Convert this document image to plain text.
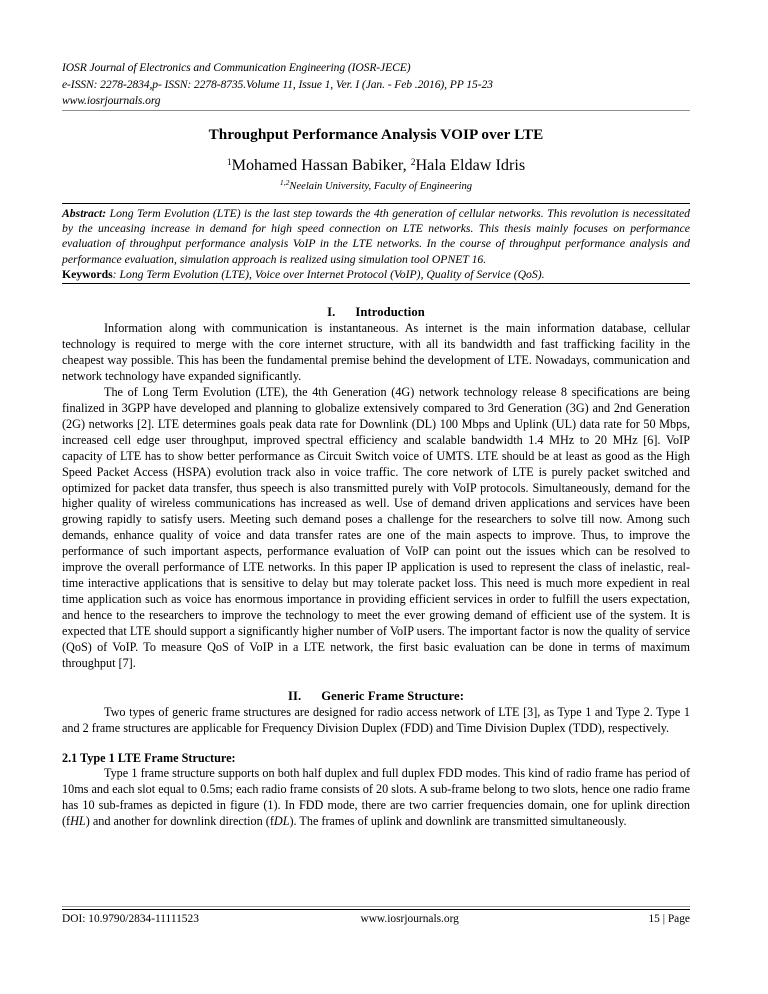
IOSR Journal of Electronics and Communication Engineering (IOSR-JECE)
e-ISSN: 2278-2834,p- ISSN: 2278-8735.Volume 11, Issue 1, Ver. I (Jan. - Feb .2016), PP 15-23
www.iosrjournals.org
Throughput Performance Analysis VOIP over LTE
$^1$Mohamed Hassan Babiker, $^2$Hala Eldaw Idris
$^{1,2}$Neelain University, Faculty of Engineering

Abstract: Long Term Evolution (LTE) is the last step towards the 4th generation of cellular networks. This revolution is necessitated by the unceasing increase in demand for high speed connection on LTE networks. This thesis mainly focuses on performance evaluation of throughput performance analysis VoIP in the LTE networks. In the course of throughput performance analysis and performance evaluation, simulation approach is realized using simulation tool OPNET 16.

Keywords: Long Term Evolution (LTE), Voice over Internet Protocol (VoIP), Quality of Service (QoS).

I. Introduction

Information along with communication is instantaneous. As internet is the main information database, cellular technology is required to merge with the core internet structure, with all its bandwidth and fast trafficking facility in the cheapest way possible. This has been the fundamental premise behind the development of LTE. Nowadays, communication and network technology have expanded significantly.

The of Long Term Evolution (LTE), the 4th Generation (4G) network technology release 8 specifications are being finalized in 3GPP have developed and planning to globalize extensively compared to 3rd Generation (3G) and 2nd Generation (2G) networks [2]. LTE determines goals peak data rate for Downlink (DL) 100 Mbps and Uplink (UL) data rate for 50 Mbps, increased cell edge user throughput, improved spectral efficiency and scalable bandwidth 1.4 MHz to 20 MHz [6]. VoIP capacity of LTE has to show better performance as Circuit Switch voice of UMTS. LTE should be at least as good as the High Speed Packet Access (HSPA) evolution track also in voice traffic. The core network of LTE is purely packet switched and optimized for packet data transfer, thus speech is also transmitted purely with VoIP protocols. Simultaneously, demand for the higher quality of wireless communications has increased as well. Use of demand driven applications and services have been growing rapidly to satisfy users. Meeting such demand poses a challenge for the researchers to solve till now. Among such demands, enhance quality of voice and data transfer rates are one of the main aspects to improve. Thus, to improve the performance of such important aspects, performance evaluation of VoIP can point out the issues which can be resolved to improve the overall performance of LTE networks. In this paper IP application is used to represent the class of inelastic, real-time interactive applications that is sensitive to delay but may tolerate packet loss. This need is much more expedient in real time application such as voice has enormous importance in providing efficient services in order to fulfill the users expectation, and hence to the researchers to improve the technology to meet the ever growing demand of efficient use of the system. It is expected that LTE should support a significantly higher number of VoIP users. The important factor is now the quality of service (QoS) of VoIP. To measure QoS of VoIP in a LTE network, the first basic evaluation can be done in terms of maximum throughput [7].

II. Generic Frame Structure:

Two types of generic frame structures are designed for radio access network of LTE [3], as Type 1 and Type 2. Type 1 and 2 frame structures are applicable for Frequency Division Duplex (FDD) and Time Division Duplex (TDD), respectively.

2.1 Type 1 LTE Frame Structure:

Type 1 frame structure supports on both half duplex and full duplex FDD modes. This kind of radio frame has period of 10ms and each slot equal to 0.5ms; each radio frame consists of 20 slots. A sub-frame belong to two slots, hence one radio frame has 10 sub-frames as depicted in figure (1). In FDD mode, there are two carrier frequencies domain, one for uplink direction (fHL) and another for downlink direction (fDL). The frames of uplink and downlink are transmitted simultaneously.

DOI: 10.9790/2834-11111523	www.iosrjournals.org	15 | Page
